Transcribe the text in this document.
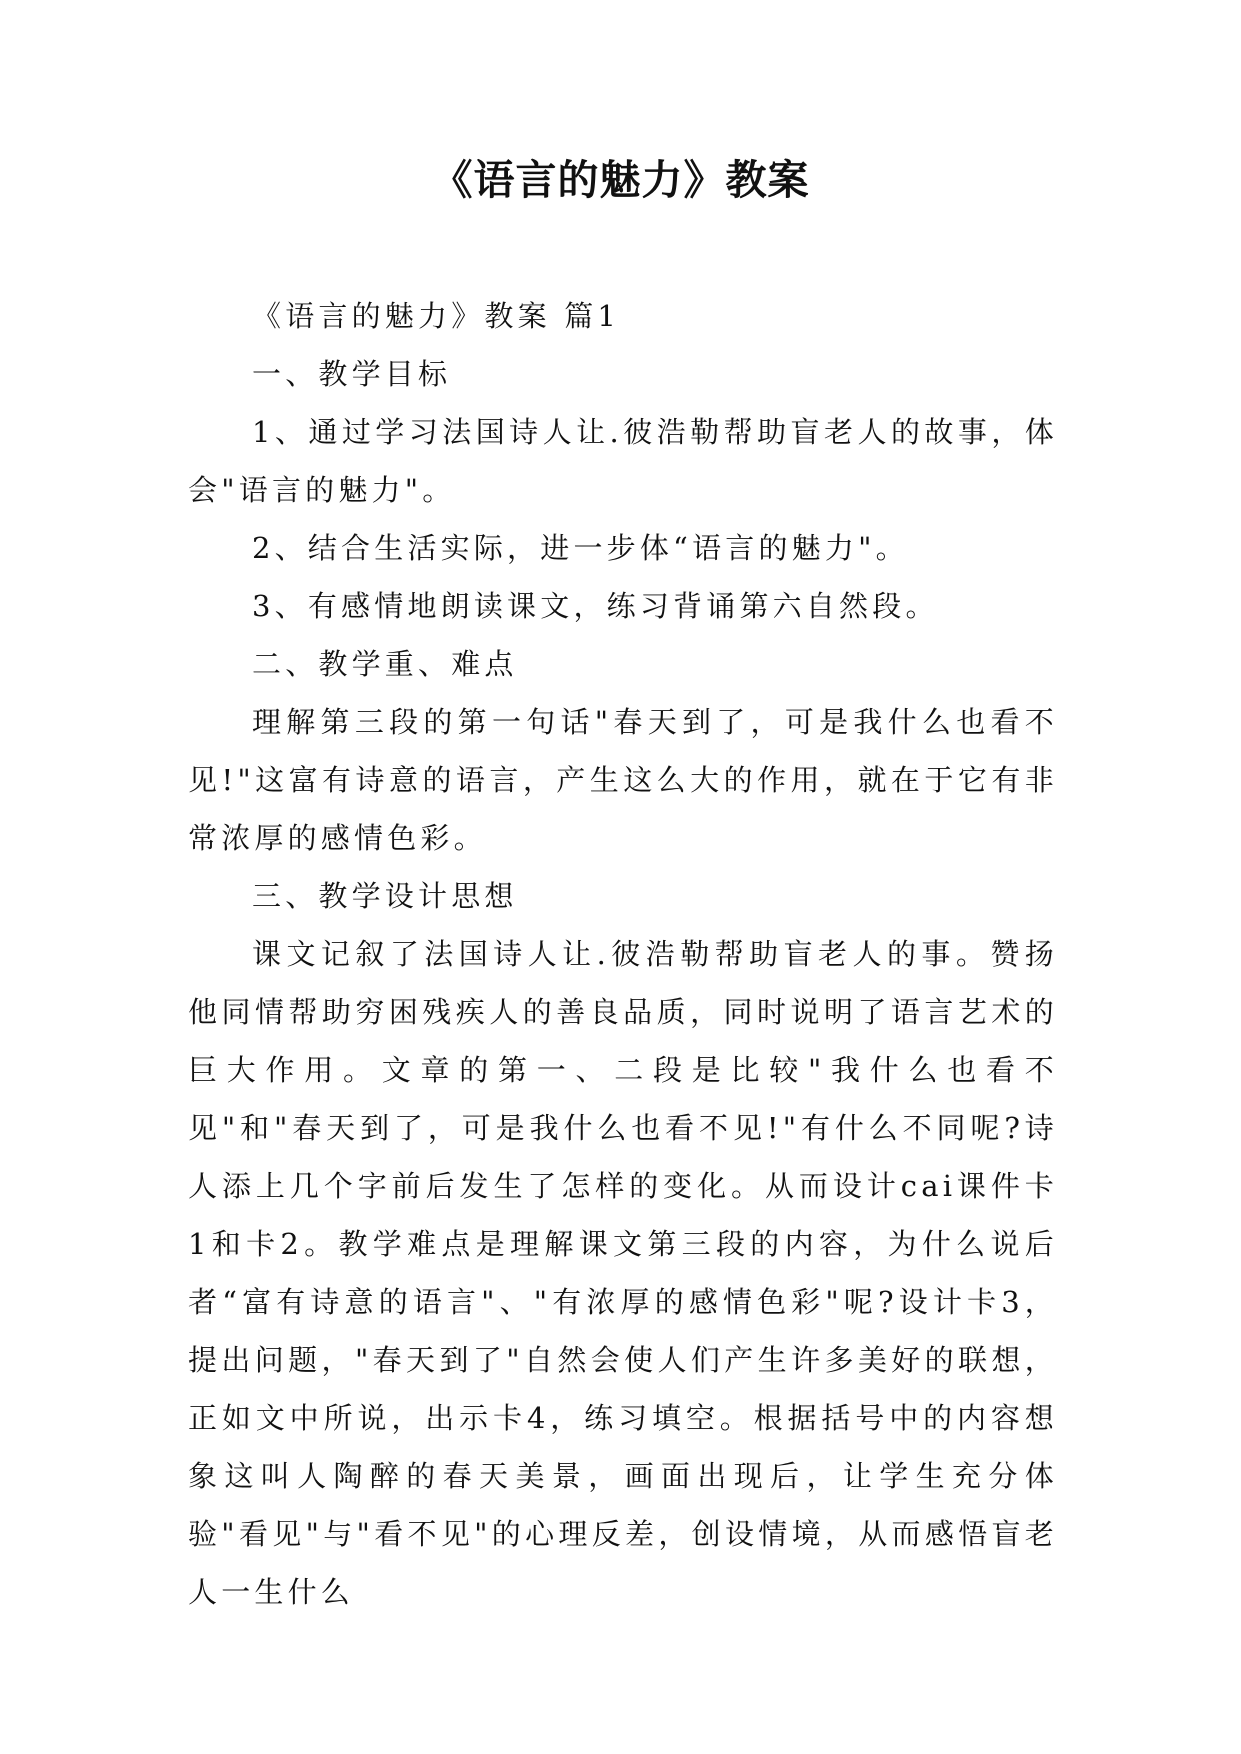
《语言的魅力》教案

《语言的魅力》教案 篇1

一、教学目标

1、通过学习法国诗人让.彼浩勒帮助盲老人的故事，体会"语言的魅力"。

2、结合生活实际，进一步体“语言的魅力"。

3、有感情地朗读课文，练习背诵第六自然段。

二、教学重、难点

理解第三段的第一句话"春天到了，可是我什么也看不见!"这富有诗意的语言，产生这么大的作用，就在于它有非常浓厚的感情色彩。

三、教学设计思想

课文记叙了法国诗人让.彼浩勒帮助盲老人的事。赞扬他同情帮助穷困残疾人的善良品质，同时说明了语言艺术的巨大作用。文章的第一、二段是比较"我什么也看不见"和"春天到了，可是我什么也看不见!"有什么不同呢?诗人添上几个字前后发生了怎样的变化。从而设计cai课件卡1和卡2。教学难点是理解课文第三段的内容，为什么说后者“富有诗意的语言"、"有浓厚的感情色彩"呢?设计卡3，提出问题，"春天到了"自然会使人们产生许多美好的联想，正如文中所说，出示卡4，练习填空。根据括号中的内容想象这叫人陶醉的春天美景，画面出现后，让学生充分体验"看见"与"看不见"的心理反差，创设情境，从而感悟盲老人一生什么
